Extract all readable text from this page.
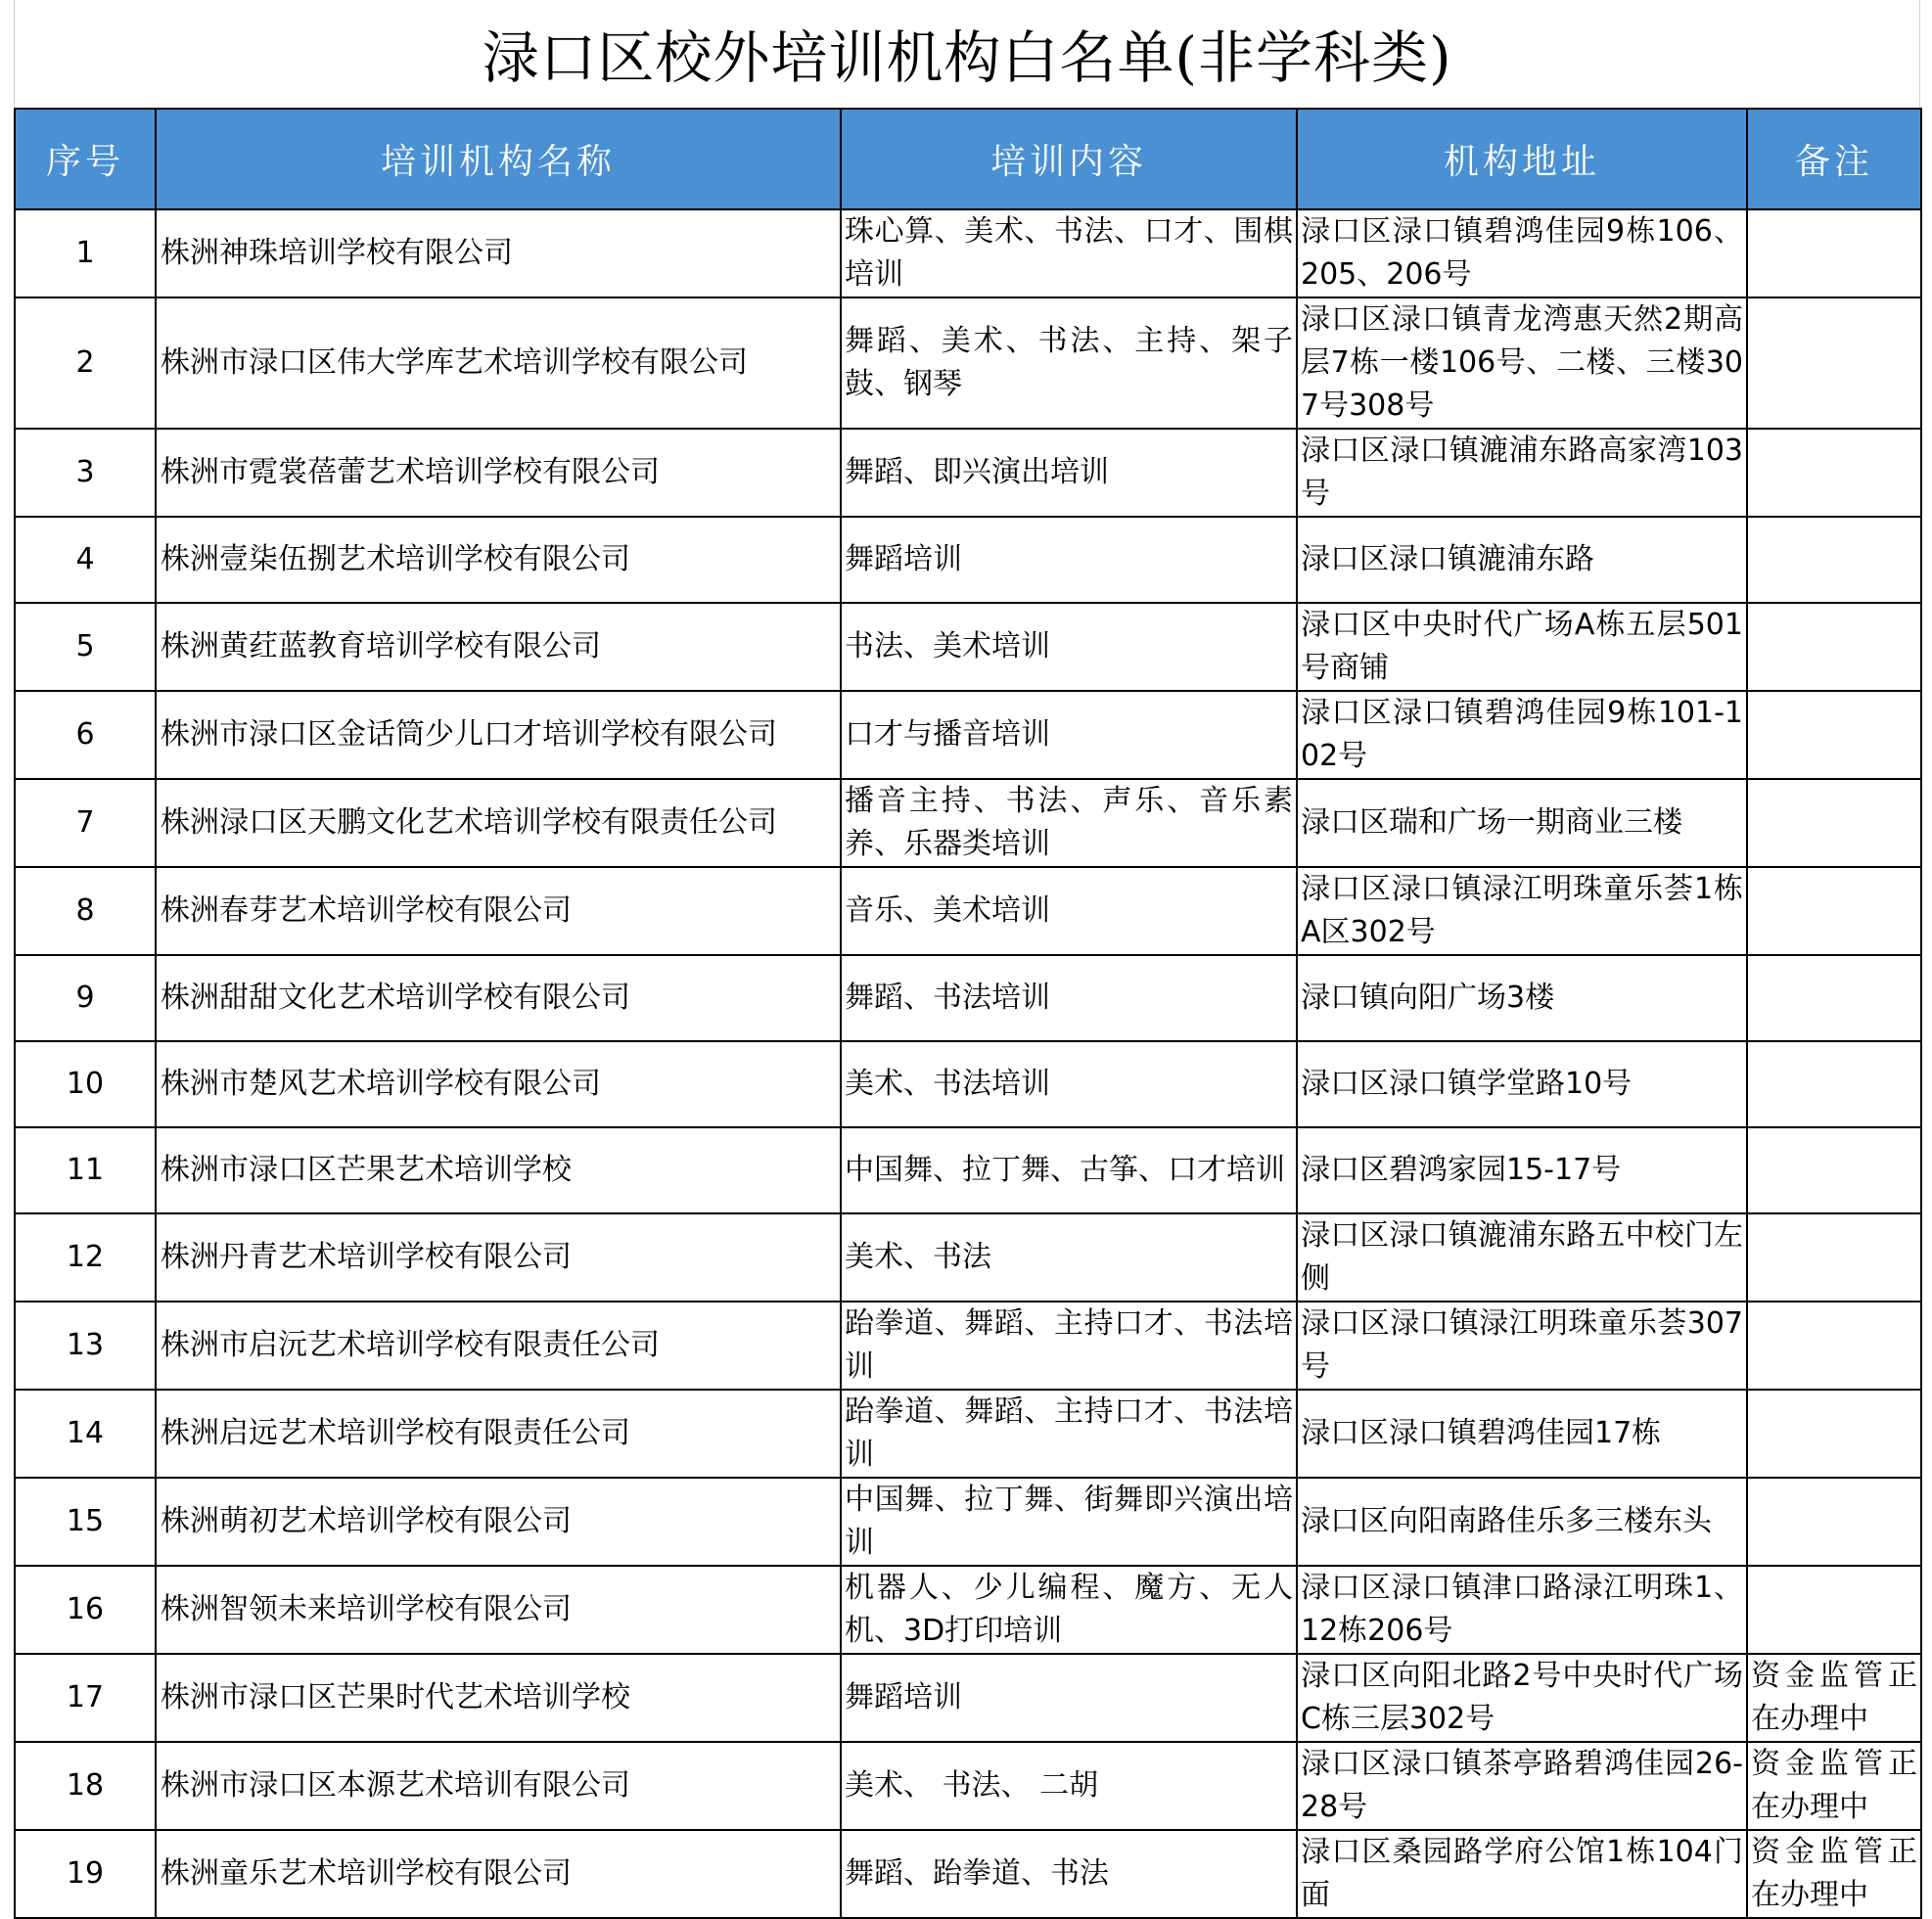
渌口区校外培训机构白名单(非学科类)
序号	培训机构名称	培训内容	机构地址	备注
1	株洲神珠培训学校有限公司	珠心算、美术、书法、口才、围棋培训	渌口区渌口镇碧鸿佳园9栋106、205、206号	
2	株洲市渌口区伟大学库艺术培训学校有限公司	舞蹈、美术、书法、主持、架子鼓、钢琴	渌口区渌口镇青龙湾惠天然2期高层7栋一楼106号、二楼、三楼307号308号	
3	株洲市霓裳蓓蕾艺术培训学校有限公司	舞蹈、即兴演出培训	渌口区渌口镇漉浦东路高家湾103号	
4	株洲壹柒伍捌艺术培训学校有限公司	舞蹈培训	渌口区渌口镇漉浦东路	
5	株洲黄荭蓝教育培训学校有限公司	书法、美术培训	渌口区中央时代广场A栋五层501号商铺	
6	株洲市渌口区金话筒少儿口才培训学校有限公司	口才与播音培训	渌口区渌口镇碧鸿佳园9栋101-102号	
7	株洲渌口区天鹏文化艺术培训学校有限责任公司	播音主持、书法、声乐、音乐素养、乐器类培训	渌口区瑞和广场一期商业三楼	
8	株洲春芽艺术培训学校有限公司	音乐、美术培训	渌口区渌口镇渌江明珠童乐荟1栋A区302号	
9	株洲甜甜文化艺术培训学校有限公司	舞蹈、书法培训	渌口镇向阳广场3楼	
10	株洲市楚风艺术培训学校有限公司	美术、书法培训	渌口区渌口镇学堂路10号	
11	株洲市渌口区芒果艺术培训学校	中国舞、拉丁舞、古筝、口才培训	渌口区碧鸿家园15-17号	
12	株洲丹青艺术培训学校有限公司	美术、书法	渌口区渌口镇漉浦东路五中校门左侧	
13	株洲市启沅艺术培训学校有限责任公司	跆拳道、舞蹈、主持口才、书法培训	渌口区渌口镇渌江明珠童乐荟307号	
14	株洲启远艺术培训学校有限责任公司	跆拳道、舞蹈、主持口才、书法培训	渌口区渌口镇碧鸿佳园17栋	
15	株洲萌初艺术培训学校有限公司	中国舞、拉丁舞、街舞即兴演出培训	渌口区向阳南路佳乐多三楼东头	
16	株洲智领未来培训学校有限公司	机器人、少儿编程、魔方、无人机、3D打印培训	渌口区渌口镇津口路渌江明珠1、12栋206号	
17	株洲市渌口区芒果时代艺术培训学校	舞蹈培训	渌口区向阳北路2号中央时代广场C栋三层302号	资金监管正在办理中
18	株洲市渌口区本源艺术培训有限公司	美术、 书法、 二胡	渌口区渌口镇茶亭路碧鸿佳园26-28号	资金监管正在办理中
19	株洲童乐艺术培训学校有限公司	舞蹈、跆拳道、书法	渌口区桑园路学府公馆1栋104门面	资金监管正在办理中
